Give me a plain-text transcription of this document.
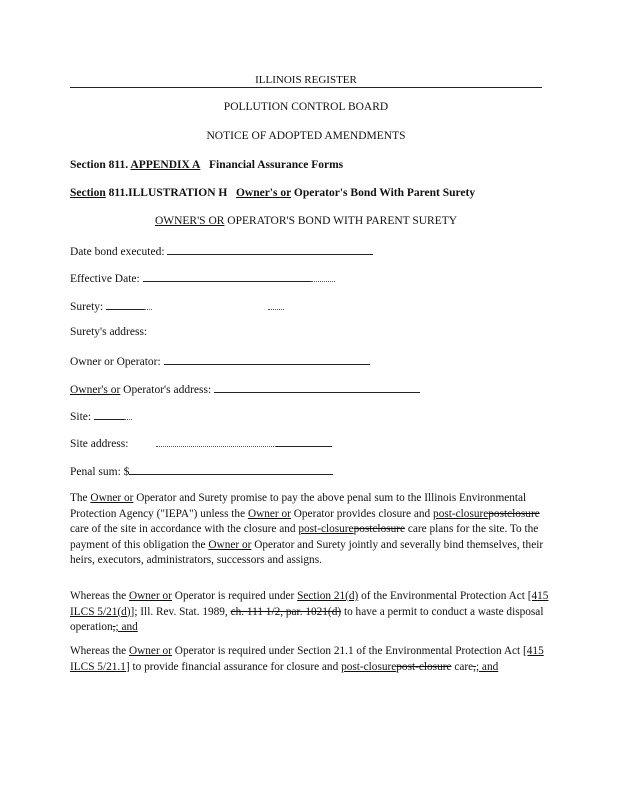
ILLINOIS REGISTER
POLLUTION CONTROL BOARD
NOTICE OF ADOPTED AMENDMENTS
Section 811. APPENDIX A Financial Assurance Forms
Section 811.ILLUSTRATION H Owner's or Operator's Bond With Parent Surety
OWNER'S OR OPERATOR'S BOND WITH PARENT SURETY
Date bond executed:
Effective Date:
Surety:
Surety's address:
Owner or Operator:
Owner's or Operator's address:
Site:
Site address:
Penal sum: $
The Owner or Operator and Surety promise to pay the above penal sum to the Illinois Environmental Protection Agency ("IEPA") unless the Owner or Operator provides closure and post-closurepostclosure care of the site in accordance with the closure and post-closurepostclosure care plans for the site. To the payment of this obligation the Owner or Operator and Surety jointly and severally bind themselves, their heirs, executors, administrators, successors and assigns.
Whereas the Owner or Operator is required under Section 21(d) of the Environmental Protection Act [415 ILCS 5/21(d)]; Ill. Rev. Stat. 1989, ch. 111 1/2, par. 1021(d) to have a permit to conduct a waste disposal operation,; and
Whereas the Owner or Operator is required under Section 21.1 of the Environmental Protection Act [415 ILCS 5/21.1] to provide financial assurance for closure and post-closurepost-closure care,; and
